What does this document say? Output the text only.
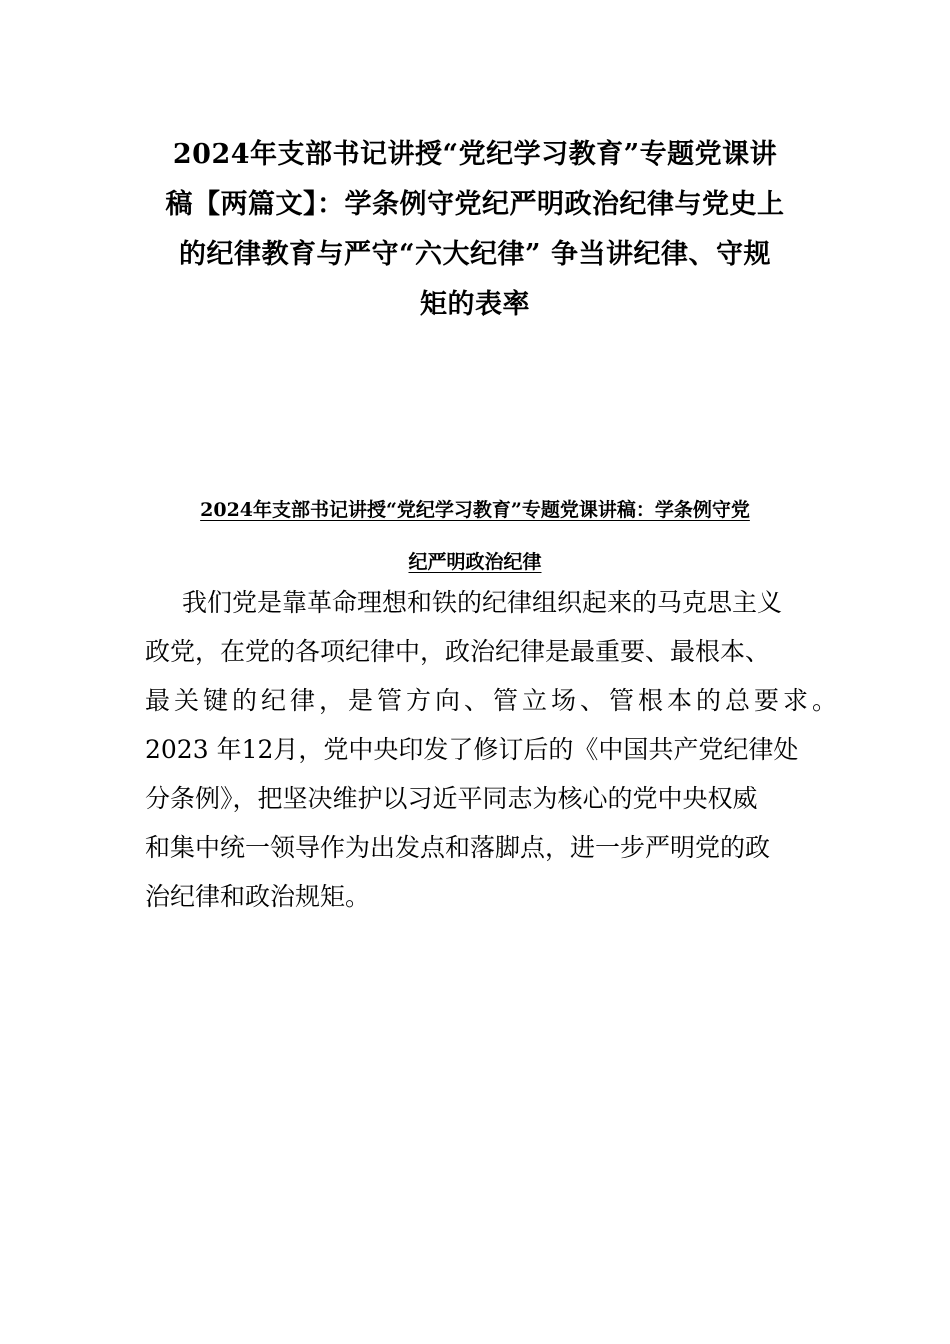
2024年支部书记讲授“党纪学习教育”专题党课讲
稿【两篇文】：学条例守党纪严明政治纪律与党史上
的纪律教育与严守“六大纪律” 争当讲纪律、守规
矩的表率
2024年支部书记讲授“党纪学习教育”专题党课讲稿：学条例守党
纪严明政治纪律

我们党是靠革命理想和铁的纪律组织起来的马克思主义
政党，在党的各项纪律中，政治纪律是最重要、最根本、
最关键的纪律，是管方向、管立场、管根本的总要求。
2023 年12月，党中央印发了修订后的《中国共产党纪律处
分条例》，把坚决维护以习近平同志为核心的党中央权威
和集中统一领导作为出发点和落脚点，进一步严明党的政
治纪律和政治规矩。
